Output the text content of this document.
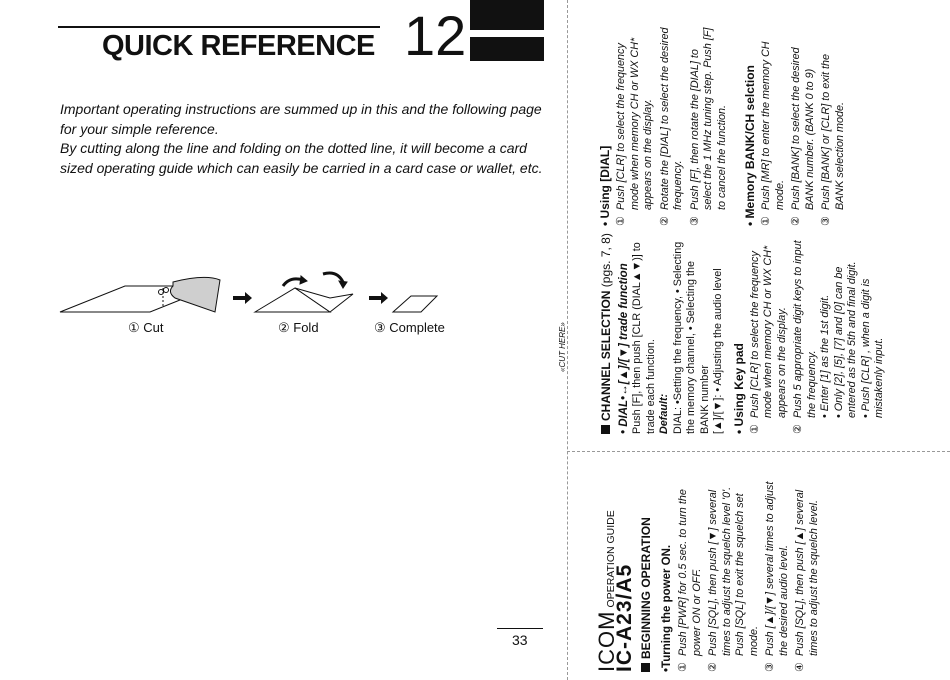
QUICK REFERENCE 12

Important operating instructions are summed up in this and the following page for your simple reference.

By cutting along the line and folding on the dotted line, it will become a card sized operating guide which can easily be carried in a card case or wallet, etc.

① Cut	② Fold	③ Complete
33
«CUT HERE»	CHANNEL SELECTION (pgs. 7, 8)
• DIAL•↔[▲]/[▼] trade function Push [F], then push [CLR (DIAL▲▼)] to trade each function. Default: DIAL: •Setting the frequency, • Selecting the memory channel, • Selecting the BANK number [▲]/[▼]: • Adjusting the audio level • Using Key pad ①
Push [CLR] to select the frequency mode when memory CH or WX CH* appears on the display.
②
Push 5 appropriate digit keys to input the frequency. • Enter [1] as the 1st digit. • Only [2], [5], [7] and [0] can be entered as the 5th and final digit. • Push [CLR] , when a digit is mistakenly input.
• Using [DIAL] ①
Push [CLR] to select the frequency mode when memory CH or WX CH* appears on the display.
②
Rotate the [DIAL] to select the desired frequency.
③
Push [F], then rotate the [DIAL] to select the 1 MHz tuning step. Push [F] to cancel the function. • Memory BANK/CH selction ①
Push [MR] to enter the memory CH mode.
②
Push [BANK] to select the desired BANK number. (BANK 0 to 9)
③
Push [BANK] or [CLR] to exit the BANK selection mode.
ICOM OPERATION GUIDE
IC-A23/A5 BEGINNING OPERATION •Turning the power ON. ①
Push [PWR] for 0.5 sec. to turn the power ON or OFF.
②
Push [SQL], then push [▼] several times to adjust the squelch level '0'. Push [SQL] to exit the squelch set mode.
③
Push [▲]/[▼] several times to adjust the desired audio level.
④
Push [SQL], then push [▲] several times to adjust the squelch level.
